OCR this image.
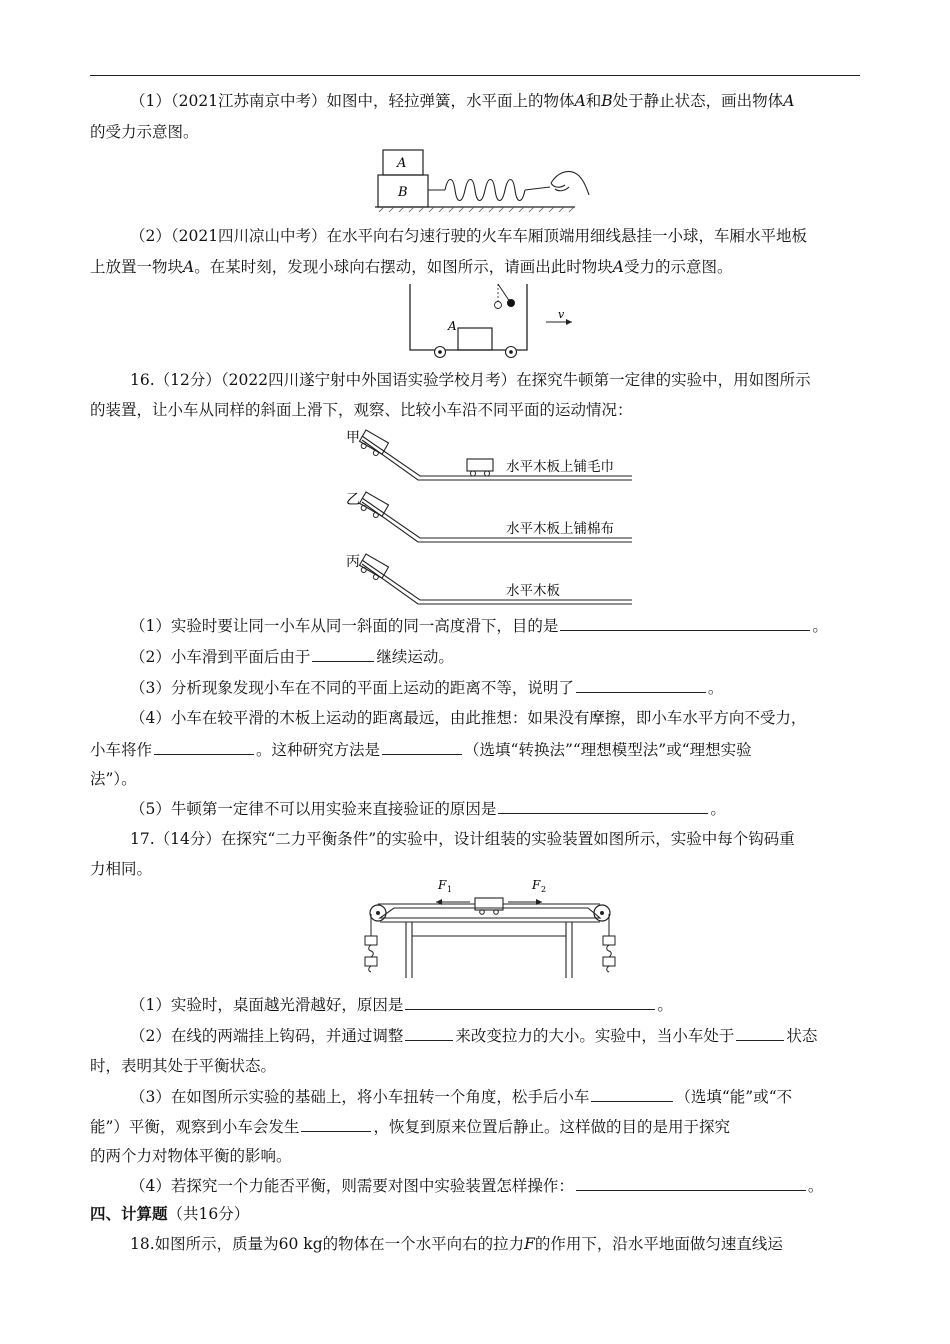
（1）（2021江苏南京中考）如图中，轻拉弹簧，水平面上的物体A和B处于静止状态，画出物体A
的受力示意图。
A
B
（2）（2021四川凉山中考）在水平向右匀速行驶的火车车厢顶端用细线悬挂一小球，车厢水平地板
上放置一物块A。在某时刻，发现小球向右摆动，如图所示，请画出此时物块A受力的示意图。
A
v
16.（12分）（2022四川遂宁射中外国语实验学校月考）在探究牛顿第一定律的实验中，用如图所示
的装置，让小车从同样的斜面上滑下，观察、比较小车沿不同平面的运动情况：
甲
水平木板上铺毛巾
乙
水平木板上铺棉布
丙
水平木板
（1）实验时要让同一小车从同一斜面的同一高度滑下，目的是	。
（2）小车滑到平面后由于	继续运动。
（3）分析现象发现小车在不同的平面上运动的距离不等，说明了	。
（4）小车在较平滑的木板上运动的距离最远，由此推想：如果没有摩擦，即小车水平方向不受力，
小车将作	。这种研究方法是	（选填“转换法”“理想模型法”或“理想实验
法”）。
（5）牛顿第一定律不可以用实验来直接验证的原因是	。
17.（14分）在探究“二力平衡条件”的实验中，设计组装的实验装置如图所示，实验中每个钩码重
力相同。
F 1	F 2
（1）实验时，桌面越光滑越好，原因是	。
（2）在线的两端挂上钩码，并通过调整	来改变拉力的大小。实验中，当小车处于	状态
时，表明其处于平衡状态。
（3）在如图所示实验的基础上，将小车扭转一个角度，松手后小车	（选填“能”或“不
能”）平衡，观察到小车会发生	，恢复到原来位置后静止。这样做的目的是用于探究
的两个力对物体平衡的影响。
（4）若探究一个力能否平衡，则需要对图中实验装置怎样操作：	。
四、计算题（共16分）
18.如图所示，质量为60 kg的物体在一个水平向右的拉力F的作用下，沿水平地面做匀速直线运
